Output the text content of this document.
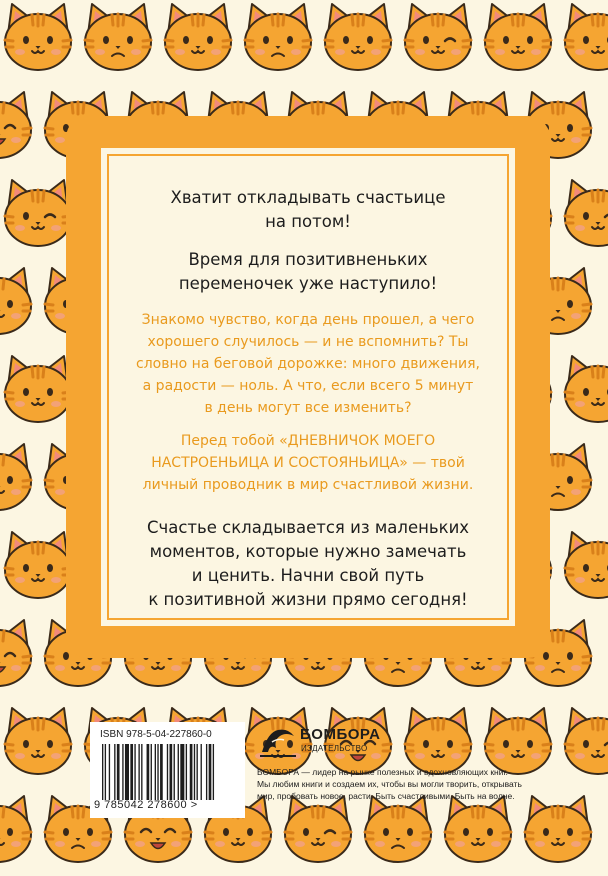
Хватит откладывать счастьице
на потом!

Время для позитивненьких
переменочек уже наступило!

Знакомо чувство, когда день прошел, а чего
хорошего случилось — и не вспомнить? Ты
словно на беговой дорожке: много движения,
а радости — ноль. А что, если всего 5 минут
в день могут все изменить?

Перед тобой «ДНЕВНИЧОК МОЕГО
НАСТРОЕНЬИЦА И СОСТОЯНЬИЦА» — твой
личный проводник в мир счастливой жизни.

Счастье складывается из маленьких
моментов, которые нужно замечать
и ценить. Начни свой путь
к позитивной жизни прямо сегодня!

ISBN 978-5-04-227860-0
9 785042 278600 >
БОМБОРА
ИЗДАТЕЛЬСТВО

БОМБОРА — лидер на рынке полезных и вдохновляющих книг.
Мы любим книги и создаем их, чтобы вы могли творить, открывать
мир, пробовать новое, расти. Быть счастливыми. Быть на волне.
